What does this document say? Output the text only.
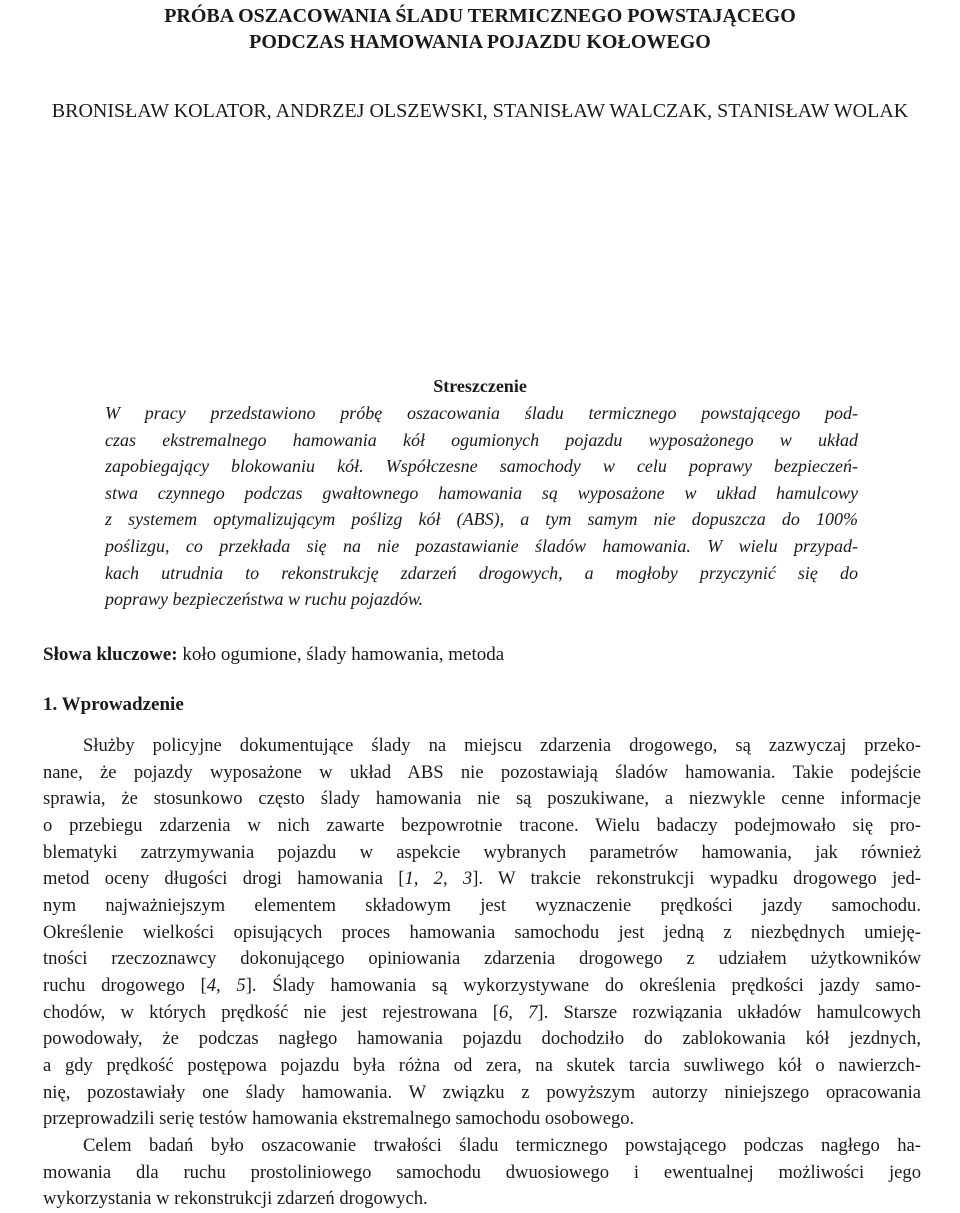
PRÓBA OSZACOWANIA ŚLADU TERMICZNEGO POWSTAJĄCEGO
PODCZAS HAMOWANIA POJAZDU KOŁOWEGO

BRONISŁAW KOLATOR, ANDRZEJ OLSZEWSKI, STANISŁAW WALCZAK, STANISŁAW WOLAK

Streszczenie

W pracy przedstawiono próbę oszacowania śladu termicznego powstającego pod-
czas ekstremalnego hamowania kół ogumionych pojazdu wyposażonego w układ
zapobiegający blokowaniu kół. Współczesne samochody w celu poprawy bezpieczeń-
stwa czynnego podczas gwałtownego hamowania są wyposażone w układ hamulcowy
z systemem optymalizującym poślizg kół (ABS), a tym samym nie dopuszcza do 100%
poślizgu, co przekłada się na nie pozastawianie śladów hamowania. W wielu przypad-
kach utrudnia to rekonstrukcję zdarzeń drogowych, a mogłoby przyczynić się do
poprawy bezpieczeństwa w ruchu pojazdów.

Słowa kluczowe: koło ogumione, ślady hamowania, metoda

1. Wprowadzenie

Służby policyjne dokumentujące ślady na miejscu zdarzenia drogowego, są zazwyczaj przeko-
nane, że pojazdy wyposażone w układ ABS nie pozostawiają śladów hamowania. Takie podejście
sprawia, że stosunkowo często ślady hamowania nie są poszukiwane, a niezwykle cenne informacje
o przebiegu zdarzenia w nich zawarte bezpowrotnie tracone. Wielu badaczy podejmowało się pro-
blematyki zatrzymywania pojazdu w aspekcie wybranych parametrów hamowania, jak również
metod oceny długości drogi hamowania [1, 2, 3]. W trakcie rekonstrukcji wypadku drogowego jed-
nym najważniejszym elementem składowym jest wyznaczenie prędkości jazdy samochodu.
Określenie wielkości opisujących proces hamowania samochodu jest jedną z niezbędnych umieję-
tności rzeczoznawcy dokonującego opiniowania zdarzenia drogowego z udziałem użytkowników
ruchu drogowego [4, 5]. Ślady hamowania są wykorzystywane do określenia prędkości jazdy samo-
chodów, w których prędkość nie jest rejestrowana [6, 7]. Starsze rozwiązania układów hamulcowych
powodowały, że podczas nagłego hamowania pojazdu dochodziło do zablokowania kół jezdnych,
a gdy prędkość postępowa pojazdu była różna od zera, na skutek tarcia suwliwego kół o nawierzch-
nię, pozostawiały one ślady hamowania. W związku z powyższym autorzy niniejszego opracowania
przeprowadzili serię testów hamowania ekstremalnego samochodu osobowego.
Celem badań było oszacowanie trwałości śladu termicznego powstającego podczas nagłego ha-
mowania dla ruchu prostoliniowego samochodu dwuosiowego i ewentualnej możliwości jego
wykorzystania w rekonstrukcji zdarzeń drogowych.
